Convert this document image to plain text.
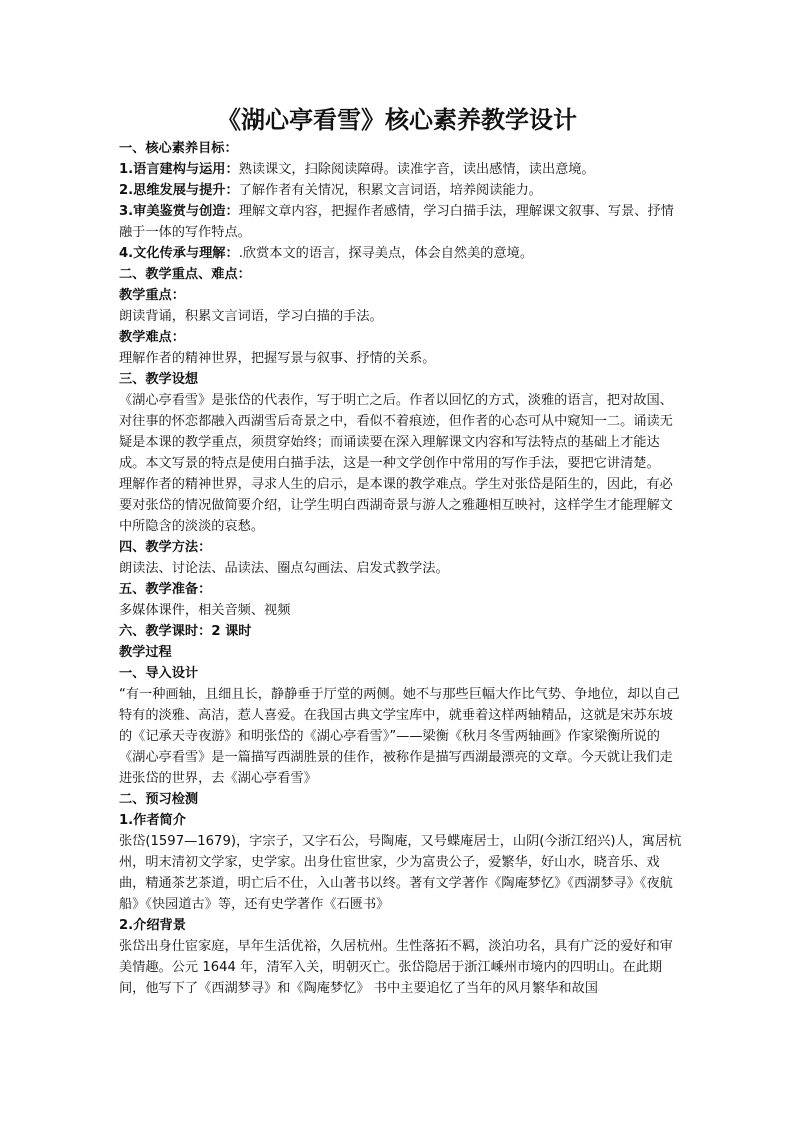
《湖心亭看雪》核心素养教学设计

一、核心素养目标：

1.语言建构与运用：熟读课文，扫除阅读障碍。读准字音，读出感情，读出意境。

2.思维发展与提升：了解作者有关情况，积累文言词语，培养阅读能力。

3.审美鉴赏与创造：理解文章内容，把握作者感情，学习白描手法，理解课文叙事、写景、抒情融于一体的写作特点。

4.文化传承与理解：.欣赏本文的语言，探寻美点，体会自然美的意境。

二、教学重点、难点：

教学重点：

朗读背诵，积累文言词语，学习白描的手法。

教学难点：

理解作者的精神世界，把握写景与叙事、抒情的关系。

三、教学设想

《湖心亭看雪》是张岱的代表作，写于明亡之后。作者以回忆的方式，淡雅的语言，把对故国、对往事的怀恋都融入西湖雪后奇景之中，看似不着痕迹，但作者的心态可从中窥知一二。诵读无疑是本课的教学重点，须贯穿始终；而诵读要在深入理解课文内容和写法特点的基础上才能达成。本文写景的特点是使用白描手法，这是一种文学创作中常用的写作手法，要把它讲清楚。

理解作者的精神世界，寻求人生的启示，是本课的教学难点。学生对张岱是陌生的，因此，有必要对张岱的情况做简要介绍，让学生明白西湖奇景与游人之雅趣相互映衬，这样学生才能理解文中所隐含的淡淡的哀愁。

四、教学方法：

朗读法、讨论法、品读法、圈点勾画法、启发式教学法。

五、教学准备：

多媒体课件，相关音频、视频

六、教学课时：2 课时

教学过程

一、导入设计

“有一种画轴，且细且长，静静垂于厅堂的两侧。她不与那些巨幅大作比气势、争地位，却以自己特有的淡雅、高洁，惹人喜爱。在我国古典文学宝库中，就垂着这样两轴精品，这就是宋苏东坡的《记承天寺夜游》和明张岱的《湖心亭看雪》”——梁衡《秋月冬雪两轴画》作家梁衡所说的《湖心亭看雪》是一篇描写西湖胜景的佳作，被称作是描写西湖最漂亮的文章。今天就让我们走进张岱的世界，去《湖心亭看雪》

二、预习检测

1.作者简介

张岱(1597—1679)，字宗子，又字石公，号陶庵，又号蝶庵居士，山阴(今浙江绍兴)人，寓居杭州，明末清初文学家，史学家。出身仕宦世家，少为富贵公子，爱繁华，好山水，晓音乐、戏曲，精通茶艺茶道，明亡后不仕，入山著书以终。著有文学著作《陶庵梦忆》《西湖梦寻》《夜航船》《快园道古》等，还有史学著作《石匮书》

2.介绍背景

张岱出身仕宦家庭，早年生活优裕，久居杭州。生性落拓不羁，淡泊功名，具有广泛的爱好和审美情趣。公元 1644 年，清军入关，明朝灭亡。张岱隐居于浙江嵊州市境内的四明山。在此期间，他写下了《西湖梦寻》和《陶庵梦忆》 书中主要追忆了当年的风月繁华和故国
